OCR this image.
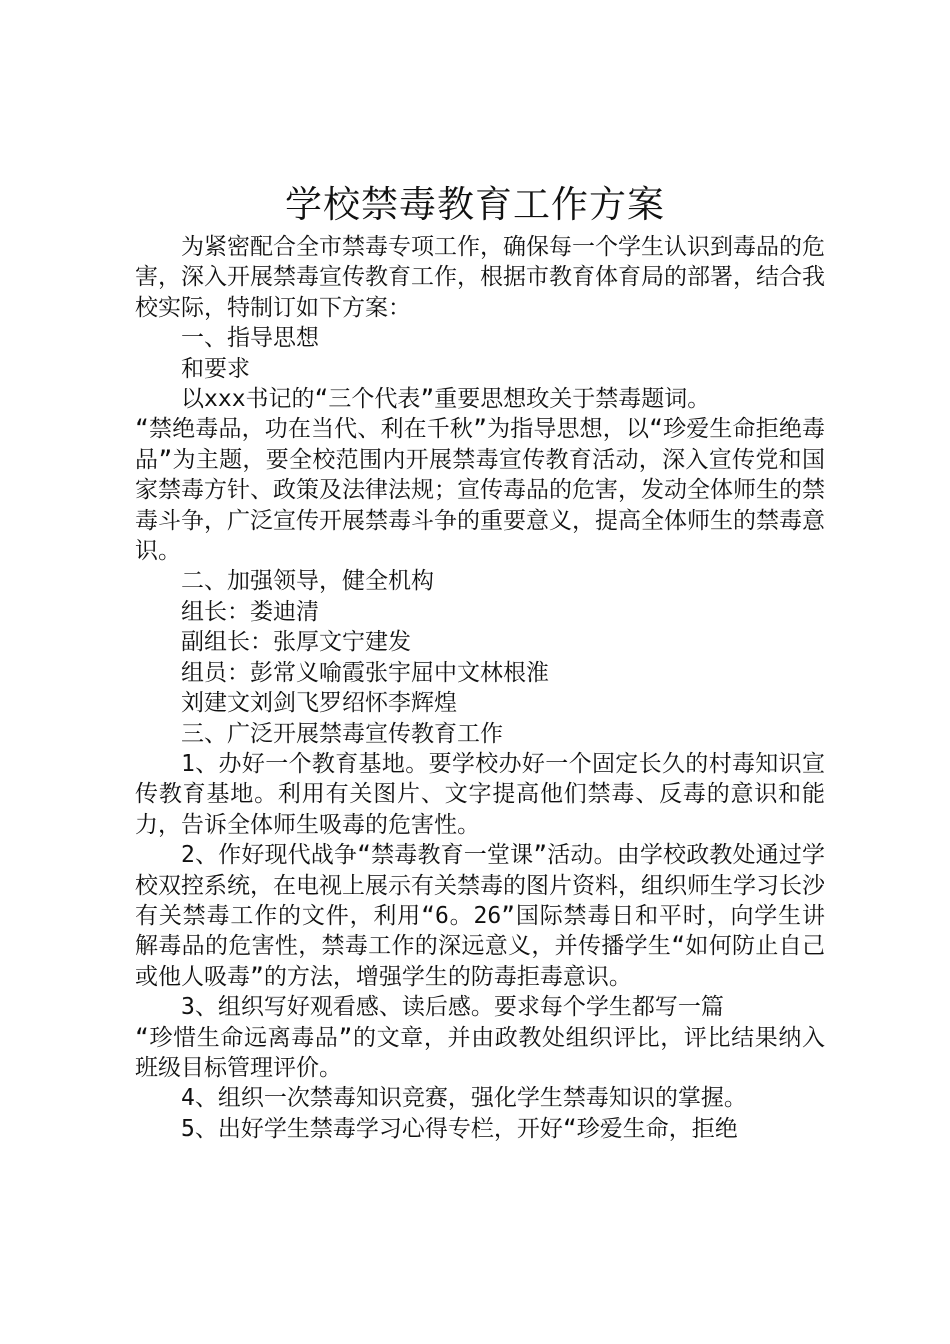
学校禁毒教育工作方案

为紧密配合全市禁毒专项工作，确保每一个学生认识到毒品的危害，深入开展禁毒宣传教育工作，根据市教育体育局的部署，结合我校实际，特制订如下方案：

一、指导思想

和要求

以xxx书记的“三个代表”重要思想玫关于禁毒题词。

“禁绝毒品，功在当代、利在千秋”为指导思想，以“珍爱生命拒绝毒品”为主题，要全校范围内开展禁毒宣传教育活动，深入宣传党和国家禁毒方针、政策及法律法规；宣传毒品的危害，发动全体师生的禁毒斗争，广泛宣传开展禁毒斗争的重要意义，提高全体师生的禁毒意识。

二、加强领导，健全机构

组长：娄迪清

副组长：张厚文宁建发

组员：彭常义喻霞张宇屈中文林根淮

刘建文刘剑飞罗绍怀李辉煌

三、广泛开展禁毒宣传教育工作

1、办好一个教育基地。要学校办好一个固定长久的村毒知识宣传教育基地。利用有关图片、文字提高他们禁毒、反毒的意识和能力，告诉全体师生吸毒的危害性。

2、作好现代战争“禁毒教育一堂课”活动。由学校政教处通过学校双控系统，在电视上展示有关禁毒的图片资料，组织师生学习长沙有关禁毒工作的文件，利用“6。26”国际禁毒日和平时，向学生讲解毒品的危害性，禁毒工作的深远意义，并传播学生“如何防止自己或他人吸毒”的方法，增强学生的防毒拒毒意识。

3、组织写好观看感、读后感。要求每个学生都写一篇

“珍惜生命远离毒品”的文章，并由政教处组织评比，评比结果纳入班级目标管理评价。

4、组织一次禁毒知识竞赛，强化学生禁毒知识的掌握。

5、出好学生禁毒学习心得专栏，开好“珍爱生命，拒绝
